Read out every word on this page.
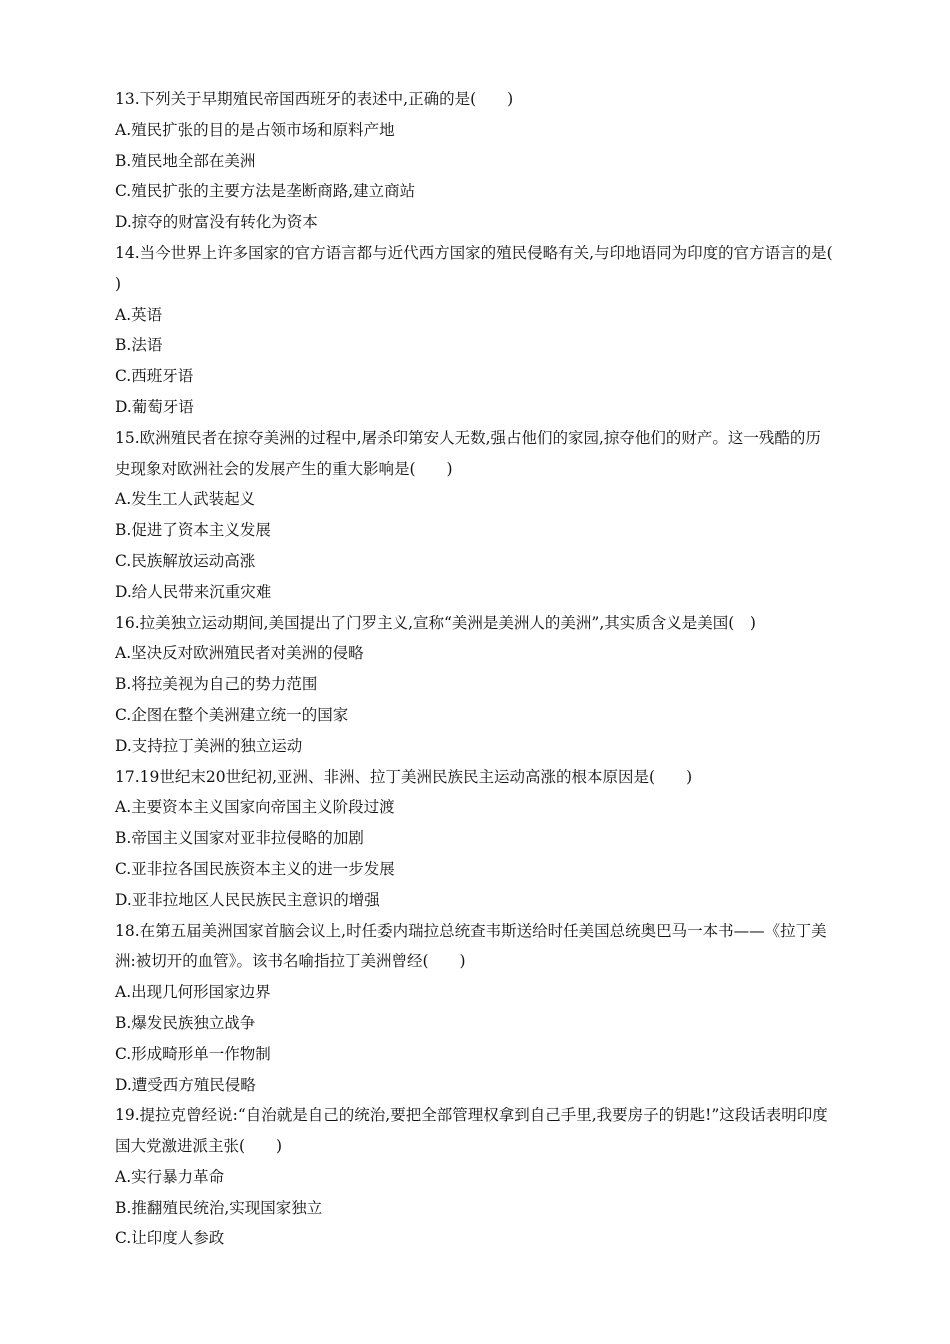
13.下列关于早期殖民帝国西班牙的表述中,正确的是(　　)

A.殖民扩张的目的是占领市场和原料产地

B.殖民地全部在美洲

C.殖民扩张的主要方法是垄断商路,建立商站

D.掠夺的财富没有转化为资本

14.当今世界上许多国家的官方语言都与近代西方国家的殖民侵略有关,与印地语同为印度的官方语言的是(　　)

A.英语

B.法语

C.西班牙语

D.葡萄牙语

15.欧洲殖民者在掠夺美洲的过程中,屠杀印第安人无数,强占他们的家园,掠夺他们的财产。这一残酷的历史现象对欧洲社会的发展产生的重大影响是(　　)

A.发生工人武装起义

B.促进了资本主义发展

C.民族解放运动高涨

D.给人民带来沉重灾难

16.拉美独立运动期间,美国提出了门罗主义,宣称“美洲是美洲人的美洲”,其实质含义是美国(　)

A.坚决反对欧洲殖民者对美洲的侵略

B.将拉美视为自己的势力范围

C.企图在整个美洲建立统一的国家

D.支持拉丁美洲的独立运动

17.19世纪末20世纪初,亚洲、非洲、拉丁美洲民族民主运动高涨的根本原因是(　　)

A.主要资本主义国家向帝国主义阶段过渡

B.帝国主义国家对亚非拉侵略的加剧

C.亚非拉各国民族资本主义的进一步发展

D.亚非拉地区人民民族民主意识的增强

18.在第五届美洲国家首脑会议上,时任委内瑞拉总统查韦斯送给时任美国总统奥巴马一本书——《拉丁美洲:被切开的血管》。该书名喻指拉丁美洲曾经(　　)

A.出现几何形国家边界

B.爆发民族独立战争

C.形成畸形单一作物制

D.遭受西方殖民侵略

19.提拉克曾经说:“自治就是自己的统治,要把全部管理权拿到自己手里,我要房子的钥匙!”这段话表明印度国大党激进派主张(　　)

A.实行暴力革命

B.推翻殖民统治,实现国家独立

C.让印度人参政
